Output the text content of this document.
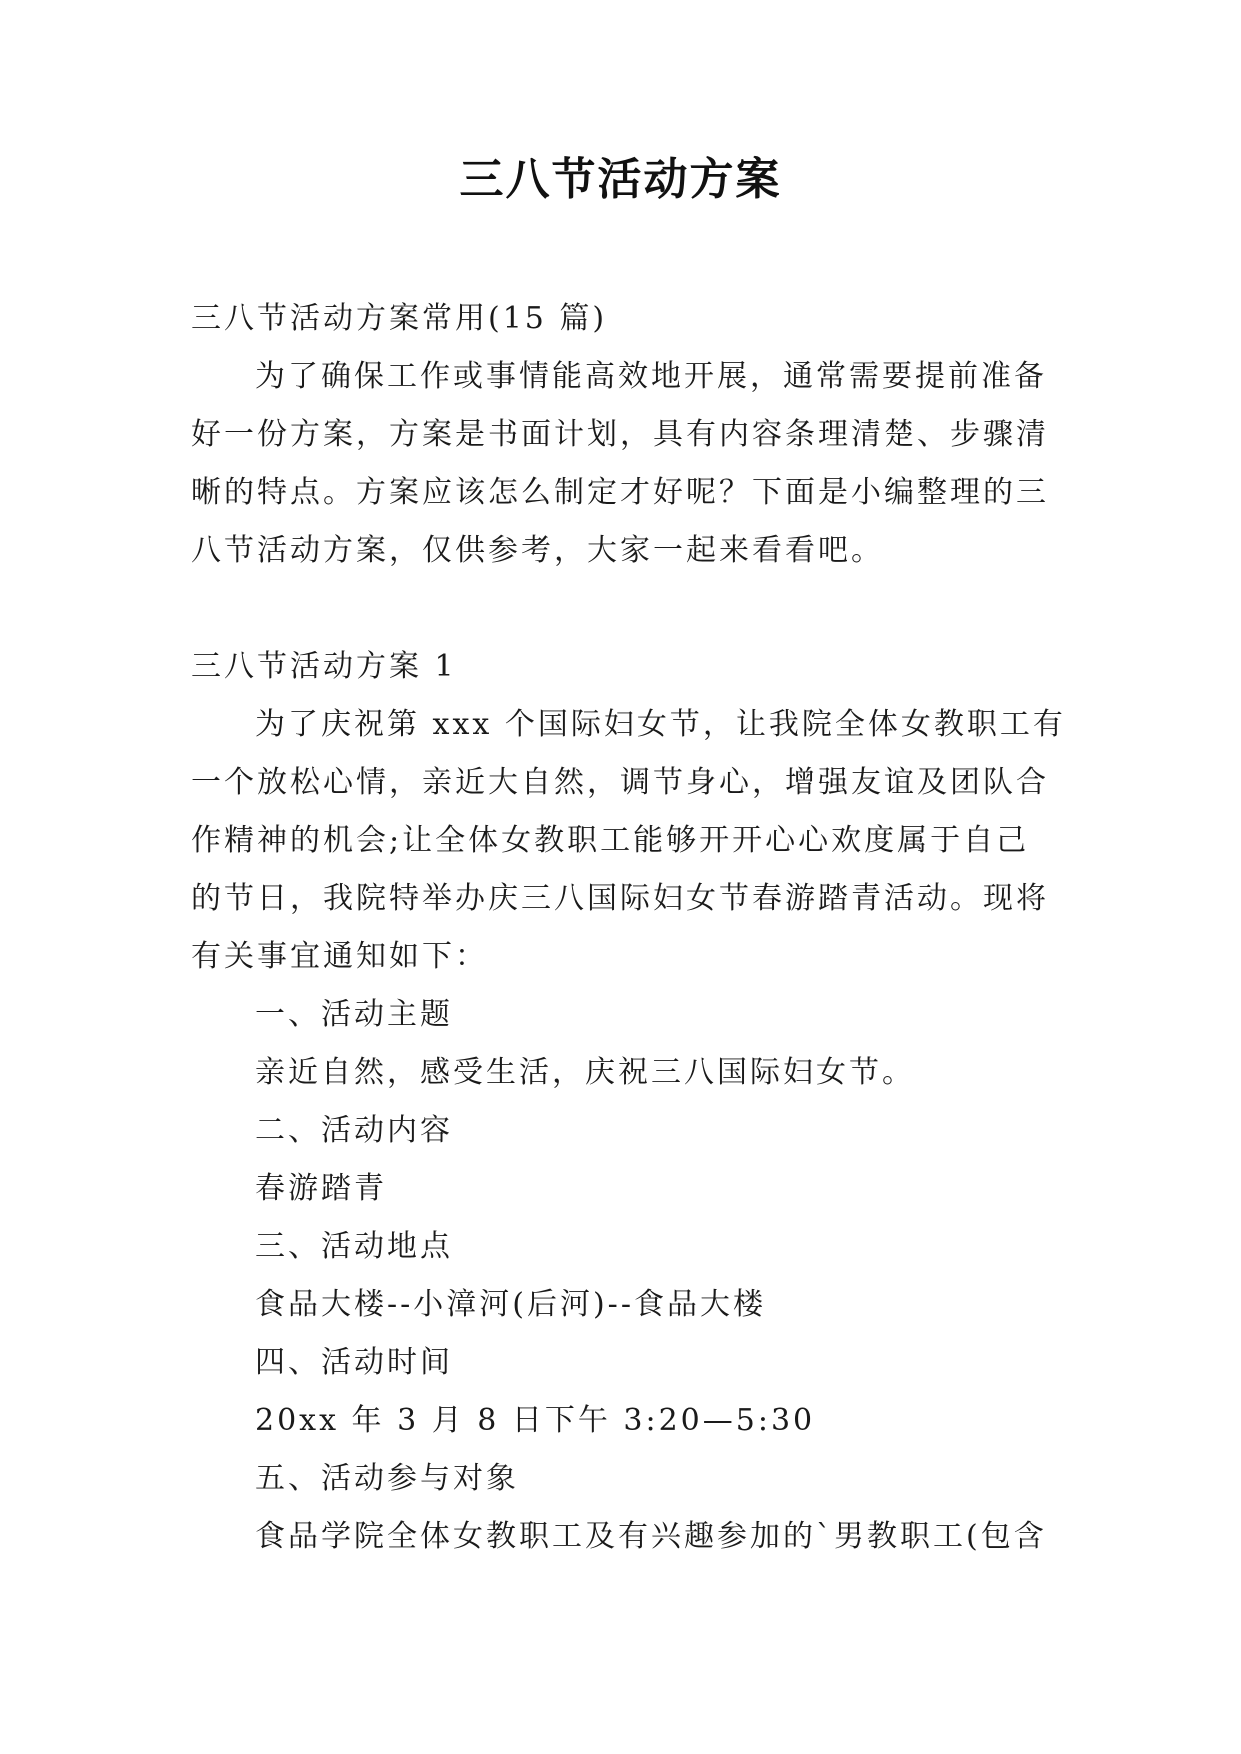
三八节活动方案
三八节活动方案常用(15 篇)
为了确保工作或事情能高效地开展，通常需要提前准备
好一份方案，方案是书面计划，具有内容条理清楚、步骤清
晰的特点。方案应该怎么制定才好呢？下面是小编整理的三
八节活动方案，仅供参考，大家一起来看看吧。
三八节活动方案 1
为了庆祝第 xxx 个国际妇女节，让我院全体女教职工有
一个放松心情，亲近大自然，调节身心，增强友谊及团队合
作精神的机会;让全体女教职工能够开开心心欢度属于自己
的节日，我院特举办庆三八国际妇女节春游踏青活动。现将
有关事宜通知如下：
一、活动主题
亲近自然，感受生活，庆祝三八国际妇女节。
二、活动内容
春游踏青
三、活动地点
食品大楼--小漳河(后河)--食品大楼
四、活动时间
20xx 年 3 月 8 日下午 3:20—5:30
五、活动参与对象
食品学院全体女教职工及有兴趣参加的`男教职工(包含
